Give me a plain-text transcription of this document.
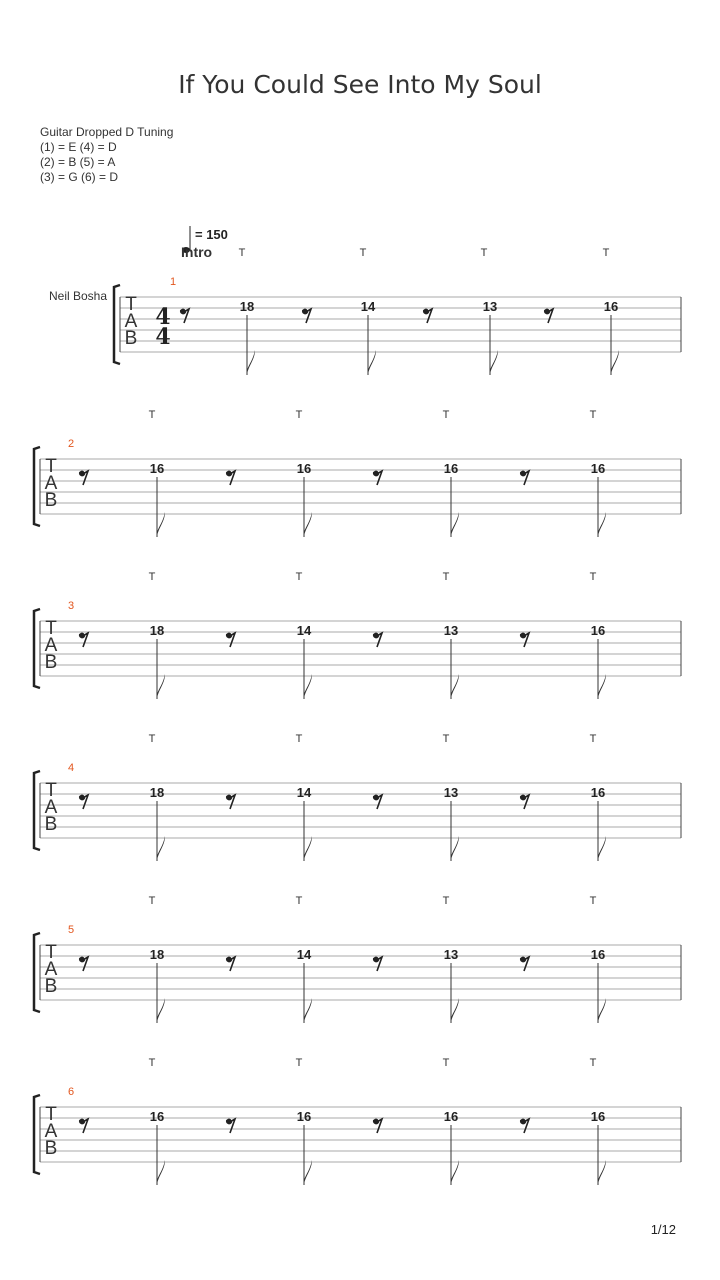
If You Could See Into My Soul
Guitar Dropped D Tuning
(1) = E (4) = D
(2) = B (5) = A
(3) = G (6) = D
= 150
Intro
Neil Bosha T
A
B
4
4
1
T	T	T	T
18	14	13	16
T
A
B
2
T	T	T	T
16	16	16	16
T
A
B
3
T	T	T	T
18	14	13	16
T
A
B
4
T	T	T	T
18	14	13	16
T
A
B
5
T	T	T	T
18	14	13	16
T
A
B
6
T	T	T	T
16	16	16	16
1/12
